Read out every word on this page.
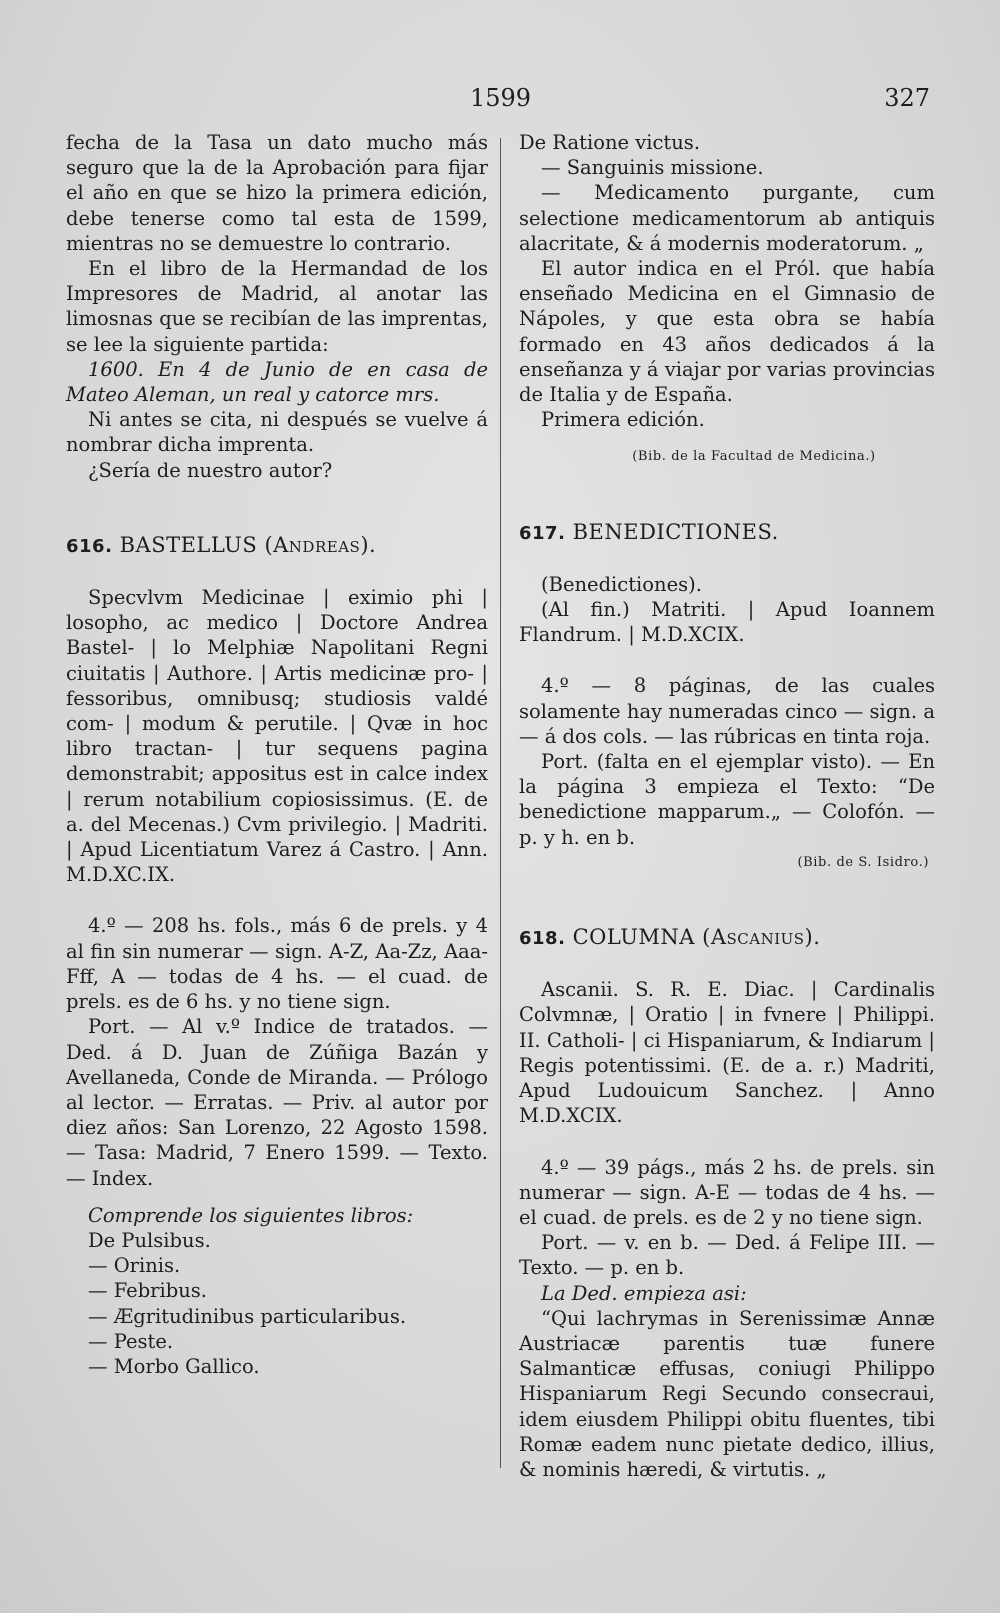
1599	327

fecha de la Tasa un dato mucho más seguro que la de la Aprobación para fijar el año en que se hizo la primera edición, debe tenerse como tal esta de 1599, mientras no se demuestre lo contrario.

En el libro de la Hermandad de los Impresores de Madrid, al anotar las limosnas que se recibían de las imprentas, se lee la siguiente partida:

1600. En 4 de Junio de en casa de Mateo Aleman, un real y catorce mrs.

Ni antes se cita, ni después se vuelve á nombrar dicha imprenta.

¿Sería de nuestro autor?

616. BASTELLUS (Andreas).

Specvlvm Medicinae | eximio phi | losopho, ac medico | Doctore Andrea Bastel- | lo Melphiæ Napolitani Regni ciuitatis | Authore. | Artis medicinæ pro- | fessoribus, omnibusq; studiosis valdé com- | modum & perutile. | Qvæ in hoc libro tractan- | tur sequens pagina demonstrabit; appositus est in calce index | rerum notabilium copiosissimus. (E. de a. del Mecenas.) Cvm privilegio. | Madriti. | Apud Licentiatum Varez á Castro. | Ann. M.D.XC.IX.

4.º — 208 hs. fols., más 6 de prels. y 4 al fin sin numerar — sign. A-Z, Aa-Zz, Aaa-Fff, A — todas de 4 hs. — el cuad. de prels. es de 6 hs. y no tiene sign.

Port. — Al v.º Indice de tratados. — Ded. á D. Juan de Zúñiga Bazán y Avellaneda, Conde de Miranda. — Prólogo al lector. — Erratas. — Priv. al autor por diez años: San Lorenzo, 22 Agosto 1598. — Tasa: Madrid, 7 Enero 1599. — Texto. — Index.

Comprende los siguientes libros:

De Pulsibus.

— Orinis.

— Febribus.

— Ægritudinibus particularibus.

— Peste.

— Morbo Gallico.

De Ratione victus.

— Sanguinis missione.

— Medicamento purgante, cum selectione medicamentorum ab antiquis alacritate, & á modernis moderatorum. „

El autor indica en el Pról. que había enseñado Medicina en el Gimnasio de Nápoles, y que esta obra se había formado en 43 años dedicados á la enseñanza y á viajar por varias provincias de Italia y de España.

Primera edición.

(Bib. de la Facultad de Medicina.)

617. BENEDICTIONES.

(Benedictiones).

(Al fin.) Matriti. | Apud Ioannem Flandrum. | M.D.XCIX.

4.º — 8 páginas, de las cuales solamente hay numeradas cinco — sign. a — á dos cols. — las rúbricas en tinta roja.

Port. (falta en el ejemplar visto). — En la página 3 empieza el Texto: “De benedictione mapparum.„ — Colofón. — p. y h. en b.

(Bib. de S. Isidro.)

618. COLUMNA (Ascanius).

Ascanii. S. R. E. Diac. | Cardinalis Colvmnæ, | Oratio | in fvnere | Philippi. II. Catholi- | ci Hispaniarum, & Indiarum | Regis potentissimi. (E. de a. r.) Madriti, Apud Ludouicum Sanchez. | Anno M.D.XCIX.

4.º — 39 págs., más 2 hs. de prels. sin numerar — sign. A-E — todas de 4 hs. — el cuad. de prels. es de 2 y no tiene sign.

Port. — v. en b. — Ded. á Felipe III. — Texto. — p. en b.

La Ded. empieza asi:

“Qui lachrymas in Serenissimæ Annæ Austriacæ parentis tuæ funere Salmanticæ effusas, coniugi Philippo Hispaniarum Regi Secundo consecraui, idem eiusdem Philippi obitu fluentes, tibi Romæ eadem nunc pietate dedico, illius, & nominis hæredi, & virtutis. „
